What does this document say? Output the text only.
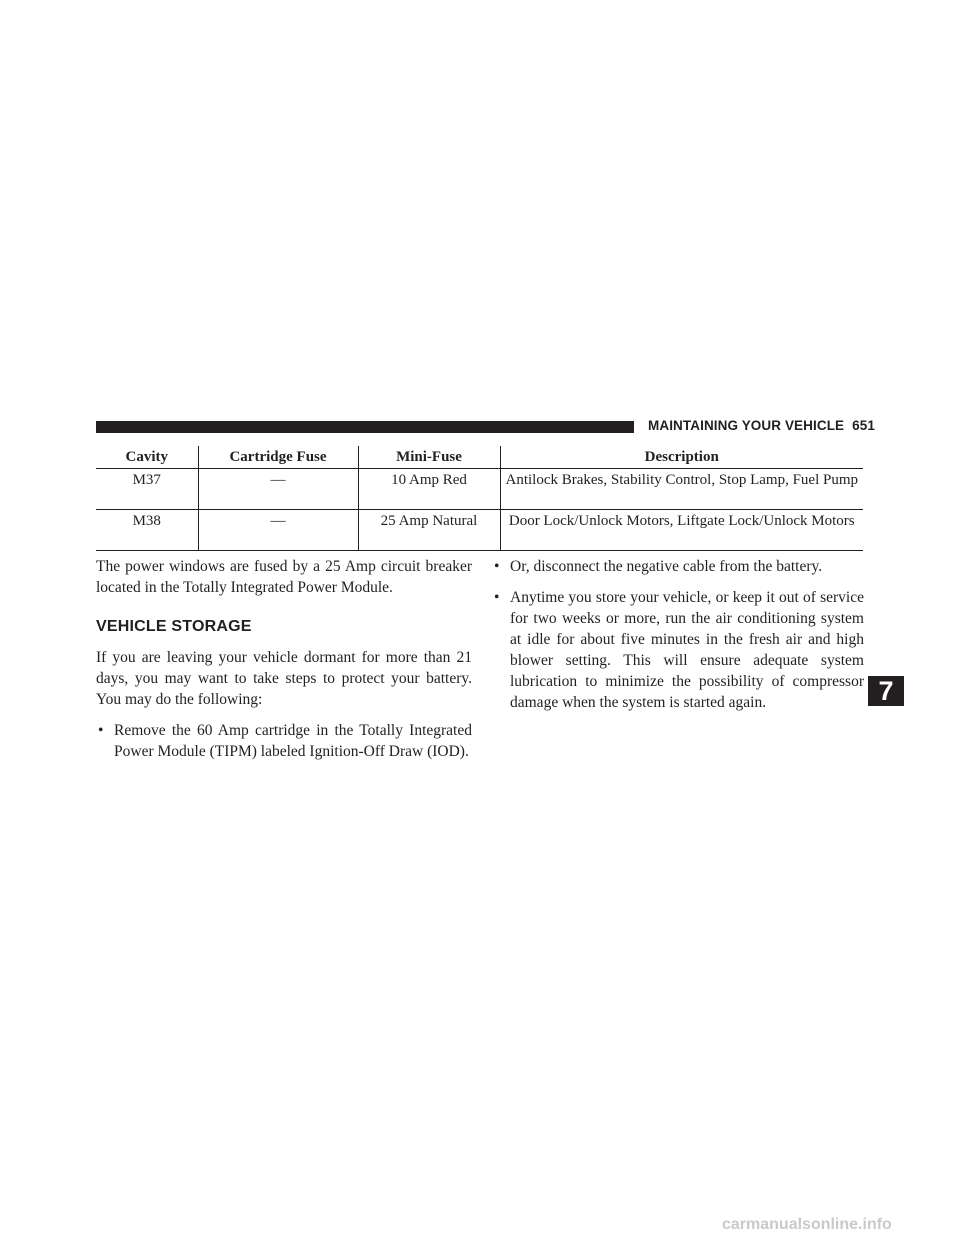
MAINTAINING YOUR VEHICLE 651
Cavity	Cartridge Fuse	Mini-Fuse	Description
M37	—	10 Amp Red	Antilock Brakes, Stability Control, Stop Lamp, Fuel Pump
M38	—	25 Amp Natural	Door Lock/Unlock Motors, Liftgate Lock/Unlock Motors

The power windows are fused by a 25 Amp circuit breaker located in the Totally Integrated Power Module.

VEHICLE STORAGE

If you are leaving your vehicle dormant for more than 21 days, you may want to take steps to protect your battery. You may do the following:

• Remove the 60 Amp cartridge in the Totally Integrated Power Module (TIPM) labeled Ignition-Off Draw (IOD).
• Or, disconnect the negative cable from the battery.
• Anytime you store your vehicle, or keep it out of service for two weeks or more, run the air conditioning system at idle for about five minutes in the fresh air and high blower setting. This will ensure adequate system lubrication to minimize the possibility of compressor damage when the system is started again.	7
carmanualsonline.info
